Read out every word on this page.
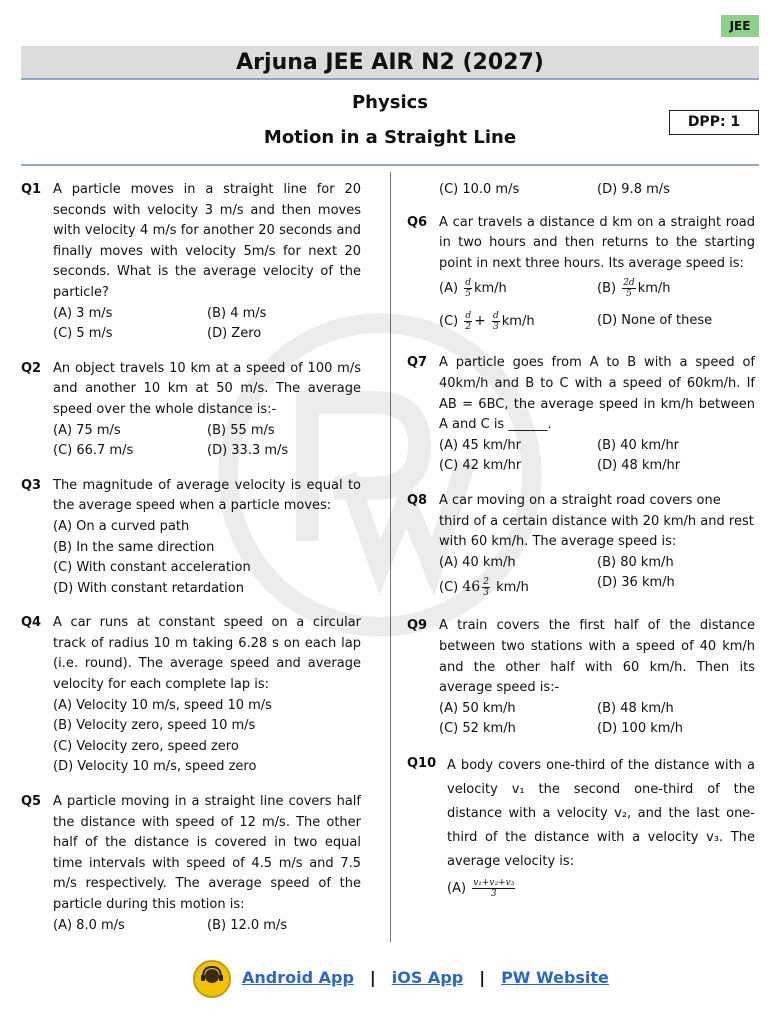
JEE
Arjuna JEE AIR N2 (2027)
Physics
Motion in a Straight Line
DPP: 1
Q1 A particle moves in a straight line for 20 seconds with velocity 3 m/s and then moves with velocity 4 m/s for another 20 seconds and finally moves with velocity 5m/s for next 20 seconds. What is the average velocity of the particle?
(A) 3 m/s	(B) 4 m/s
(C) 5 m/s	(D) Zero
Q2 An object travels 10 km at a speed of 100 m/s and another 10 km at 50 m/s. The average speed over the whole distance is:-
(A) 75 m/s	(B) 55 m/s
(C) 66.7 m/s	(D) 33.3 m/s
Q3 The magnitude of average velocity is equal to the average speed when a particle moves:
(A) On a curved path
(B) In the same direction
(C) With constant acceleration
(D) With constant retardation
Q4 A car runs at constant speed on a circular track of radius 10 m taking 6.28 s on each lap (i.e. round). The average speed and average velocity for each complete lap is:
(A) Velocity 10 m/s, speed 10 m/s
(B) Velocity zero, speed 10 m/s
(C) Velocity zero, speed zero
(D) Velocity 10 m/s, speed zero
Q5 A particle moving in a straight line covers half the distance with speed of 12 m/s. The other half of the distance is covered in two equal time intervals with speed of 4.5 m/s and 7.5 m/s respectively. The average speed of the particle during this motion is:
(A) 8.0 m/s	(B) 12.0 m/s
(C) 10.0 m/s	(D) 9.8 m/s
Q6 A car travels a distance d km on a straight road in two hours and then returns to the starting point in next three hours. Its average speed is:
$(A) \frac{d}{5} km/h$	$(B) \frac{2d}{5} km/h$
$(C) \frac{d}{2} + \frac{d}{3} km/h$	(D) None of these
Q7 A particle goes from A to B with a speed of 40km/h and B to C with a speed of 60km/h. If AB = 6BC, the average speed in km/h between A and C is ______.
(A) 45 km/hr	(B) 40 km/hr
(C) 42 km/hr	(D) 48 km/hr
Q8 A car moving on a straight road covers one third of a certain distance with 20 km/h and rest with 60 km/h. The average speed is:
(A) 40 km/h	(B) 80 km/h
(C) $46 \frac{2}{3} km/h$	(D) 36 km/h
Q9 A train covers the first half of the distance between two stations with a speed of 40 km/h and the other half with 60 km/h. Then its average speed is:-
(A) 50 km/h	(B) 48 km/h
(C) 52 km/h	(D) 100 km/h
Q10 A body covers one-third of the distance with a velocity v₁ the second one-third of the distance with a velocity v₂, and the last one-third of the distance with a velocity v₃. The average velocity is:
$(A) \frac{\text{v₁+v₂+v₃}}{3}$
Android App | iOS App | PW Website
